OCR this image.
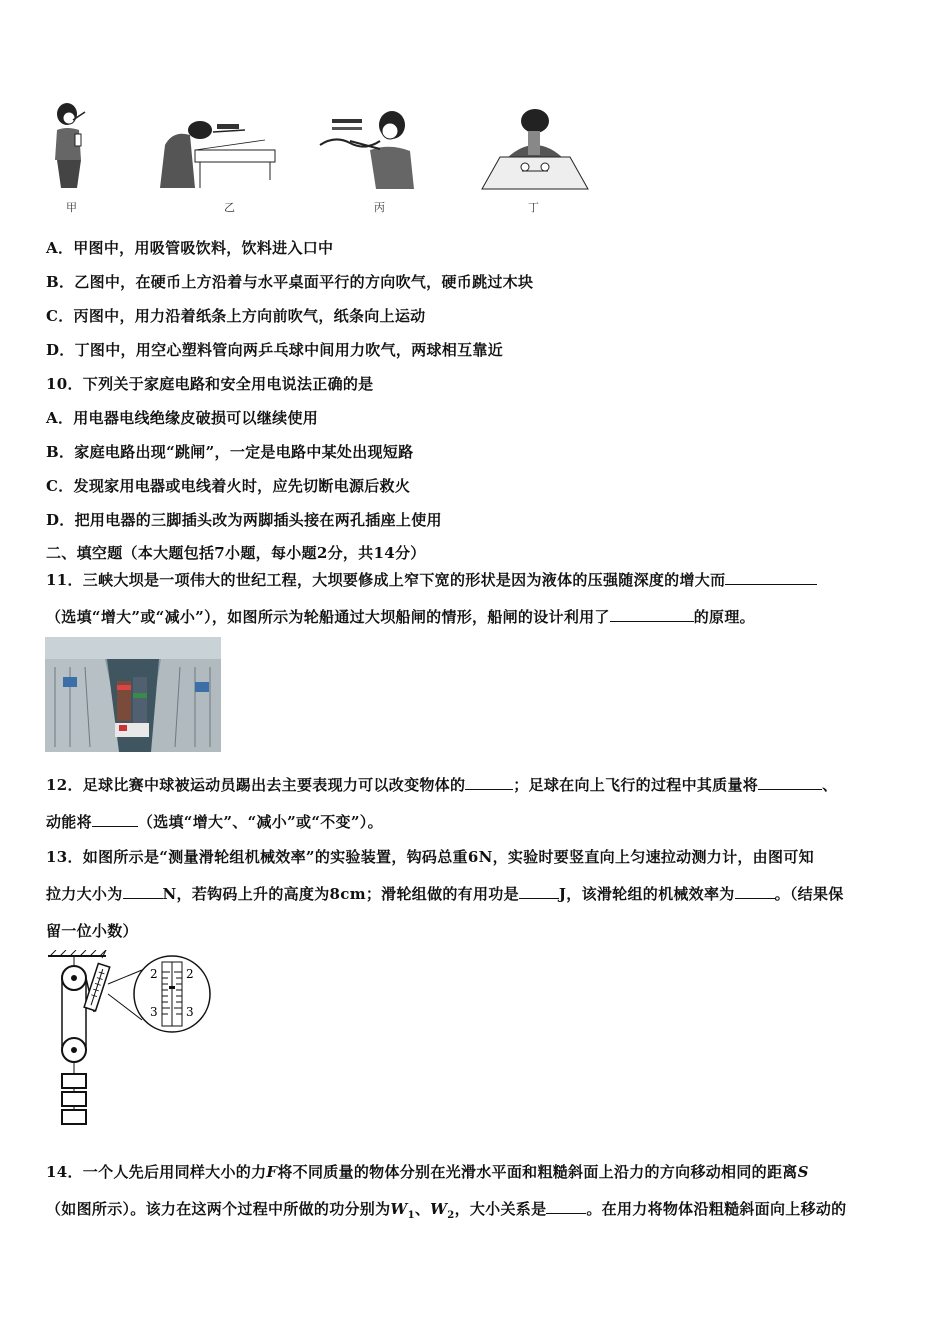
甲	乙	丙	丁
A．甲图中，用吸管吸饮料，饮料进入口中
B．乙图中，在硬币上方沿着与水平桌面平行的方向吹气，硬币跳过木块
C．丙图中，用力沿着纸条上方向前吹气，纸条向上运动
D．丁图中，用空心塑料管向两乒乓球中间用力吹气，两球相互靠近
10．下列关于家庭电路和安全用电说法正确的是
A．用电器电线绝缘皮破损可以继续使用
B．家庭电路出现“跳闸”，一定是电路中某处出现短路
C．发现家用电器或电线着火时，应先切断电源后救火
D．把用电器的三脚插头改为两脚插头接在两孔插座上使用
二、填空题（本大题包括7小题，每小题2分，共14分）
11．三峡大坝是一项伟大的世纪工程，大坝要修成上窄下宽的形状是因为液体的压强随深度的增大而
（选填“增大”或“减小”），如图所示为轮船通过大坝船闸的情形，船闸的设计利用了	的原理。
12．足球比赛中球被运动员踢出去主要表现力可以改变物体的	；足球在向上飞行的过程中其质量将	、
动能将	（选填“增大”、“减小”或“不变”）。
13．如图所示是“测量滑轮组机械效率”的实验装置，钩码总重6N，实验时要竖直向上匀速拉动测力计，由图可知
拉力大小为	N，若钩码上升的高度为8cm；滑轮组做的有用功是	J，该滑轮组的机械效率为	。（结果保
留一位小数）
2 2
3 3
14．一个人先后用同样大小的力F将不同质量的物体分别在光滑水平面和粗糙斜面上沿力的方向移动相同的距离S
（如图所示）。该力在这两个过程中所做的功分别为$W_1$、$W_2$，大小关系是	。在用力将物体沿粗糙斜面向上移动的
